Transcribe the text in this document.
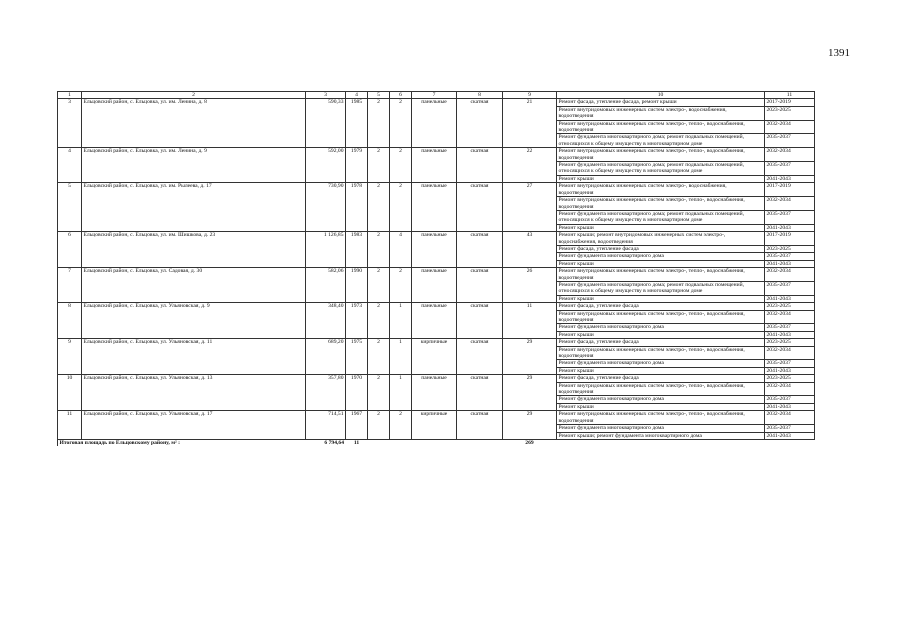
1391
1	2	3	4	5	6	7	8	9	10	11
3	Ельцовский район, с. Ельцовка, ул. им. Ленина, д. 8	590,33	1985	2	2	панельные	скатная	21	Ремонт фасада, утепление фасада, ремонт крыши	2017-2019
									Ремонт внутридомовых инженерных систем электро-, водоснабжения, водоотведения	2023-2025
									Ремонт внутридомовых инженерных систем электро-, тепло-, водоснабжения, водоотведения	2032-2034
									Ремонт фундамента многоквартирного дома; ремонт подвальных помещений, относящихся к общему имуществу в многоквартирном доме	2035-2037
4	Ельцовский район, с. Ельцовка, ул. им. Ленина, д. 9	592,00	1979	2	2	панельные	скатная	22	Ремонт внутридомовых инженерных систем электро-, тепло-, водоснабжения, водоотведения	2032-2034
									Ремонт фундамента многоквартирного дома; ремонт подвальных помещений, относящихся к общему имуществу в многоквартирном доме	2035-2037
									Ремонт крыши	2041-2043
5	Ельцовский район, с. Ельцовка, ул. им. Рылеева, д. 17	730,90	1978	2	2	панельные	скатная	27	Ремонт внутридомовых инженерных систем электро-, водоснабжения, водоотведения	2017-2019
									Ремонт внутридомовых инженерных систем электро-, тепло-, водоснабжения, водоотведения	2032-2034
									Ремонт фундамента многоквартирного дома; ремонт подвальных помещений, относящихся к общему имуществу в многоквартирном доме	2035-2037
									Ремонт крыши	2041-2043
6	Ельцовский район, с. Ельцовка, ул. им. Шишкова, д. 23	1 126,85	1983	2	4	панельные	скатная	43	Ремонт крыши; ремонт внутридомовых инженерных систем электро-, водоснабжения, водоотведения	2017-2019
									Ремонт фасада, утепление фасада	2023-2025
									Ремонт фундамента многоквартирного дома	2035-2037
									Ремонт крыши	2041-2043
7	Ельцовский район, с. Ельцовка, ул. Садовая, д. 30	582,06	1990	2	2	панельные	скатная	26	Ремонт внутридомовых инженерных систем электро-, тепло-, водоснабжения, водоотведения	2032-2034
									Ремонт фундамента многоквартирного дома; ремонт подвальных помещений, относящихся к общему имуществу в многоквартирном доме	2035-2037
									Ремонт крыши	2041-2043
8	Ельцовский район, с. Ельцовка, ул. Ульяновская, д. 9	348,40	1973	2	1	панельные	скатная	11	Ремонт фасада, утепление фасада	2023-2025
									Ремонт внутридомовых инженерных систем электро-, тепло-, водоснабжения, водоотведения	2032-2034
									Ремонт фундамента многоквартирного дома	2035-2037
									Ремонт крыши	2041-2043
9	Ельцовский район, с. Ельцовка, ул. Ульяновская, д. 11	689,20	1975	2	1	кирпичные	скатная	29	Ремонт фасада, утепление фасада	2023-2025
									Ремонт внутридомовых инженерных систем электро-, тепло-, водоснабжения, водоотведения	2032-2034
									Ремонт фундамента многоквартирного дома	2035-2037
									Ремонт крыши	2041-2043
10	Ельцовский район, с. Ельцовка, ул. Ульяновская, д. 13	357,80	1970	2	1	панельные	скатная	29	Ремонт фасада, утепление фасада	2023-2025
									Ремонт внутридомовых инженерных систем электро-, тепло-, водоснабжения, водоотведения	2032-2034
									Ремонт фундамента многоквартирного дома	2035-2037
									Ремонт крыши	2041-2043
11	Ельцовский район, с. Ельцовка, ул. Ульяновская, д. 17	714,51	1967	2	2	кирпичные	скатная	29	Ремонт внутридомовых инженерных систем электро-, тепло-, водоснабжения, водоотведения	2032-2034
									Ремонт фундамента многоквартирного дома	2035-2037
									Ремонт крыши; ремонт фундамента многоквартирного дома	2041-2043
Итоговая площадь по Ельцовскому району, м² :		6 794,64	11					269		
